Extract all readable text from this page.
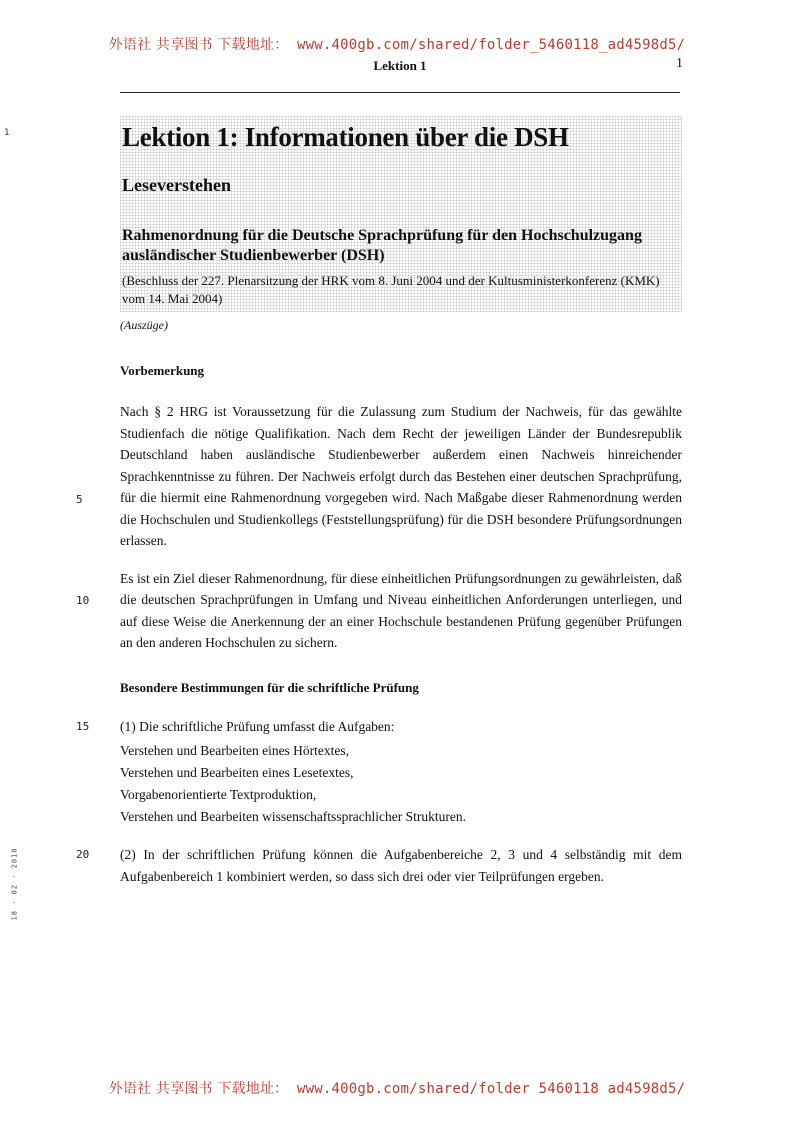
外语社 共享图书 下载地址： www.400gb.com/shared/folder_5460118_ad4598d5/
Lektion 1	1
1
18 · 02 · 2010
Lektion 1: Informationen über die DSH
Leseverstehen
Rahmenordnung für die Deutsche Sprachprüfung für den Hochschulzugang ausländischer Studienbewerber (DSH)

(Beschluss der 227. Plenarsitzung der HRK vom 8. Juni 2004 und der Kultusministerkonferenz (KMK) vom 14. Mai 2004)

(Auszüge)

Vorbemerkung
5
Nach § 2 HRG ist Voraussetzung für die Zulassung zum Studium der Nachweis, für das gewählte Studienfach die nötige Qualifikation. Nach dem Recht der jeweiligen Länder der Bundesrepublik Deutschland haben ausländische Studienbewerber außerdem einen Nachweis hinreichender Sprachkenntnisse zu führen. Der Nachweis erfolgt durch das Bestehen einer deutschen Sprachprüfung, für die hiermit eine Rahmenordnung vorgegeben wird. Nach Maßgabe dieser Rahmenordnung werden die Hochschulen und Studienkollegs (Feststellungsprüfung) für die DSH besondere Prüfungsordnungen erlassen.
10
Es ist ein Ziel dieser Rahmenordnung, für diese einheitlichen Prüfungsordnungen zu gewährleisten, daß die deutschen Sprachprüfungen in Umfang und Niveau einheitlichen Anforderungen unterliegen, und auf diese Weise die Anerkennung der an einer Hochschule bestandenen Prüfung gegenüber Prüfungen an den anderen Hochschulen zu sichern.
Besondere Bestimmungen für die schriftliche Prüfung
15 (1) Die schriftliche Prüfung umfasst die Aufgaben:
Verstehen und Bearbeiten eines Hörtextes,
Verstehen und Bearbeiten eines Lesetextes,
Vorgabenorientierte Textproduktion,
Verstehen und Bearbeiten wissenschaftssprachlicher Strukturen.
20 (2) In der schriftlichen Prüfung können die Aufgabenbereiche 2, 3 und 4 selbständig mit dem Aufgabenbereich 1 kombiniert werden, so dass sich drei oder vier Teilprüfungen ergeben.
外语社 共享图书 下载地址： www.400gb.com/shared/folder 5460118 ad4598d5/
